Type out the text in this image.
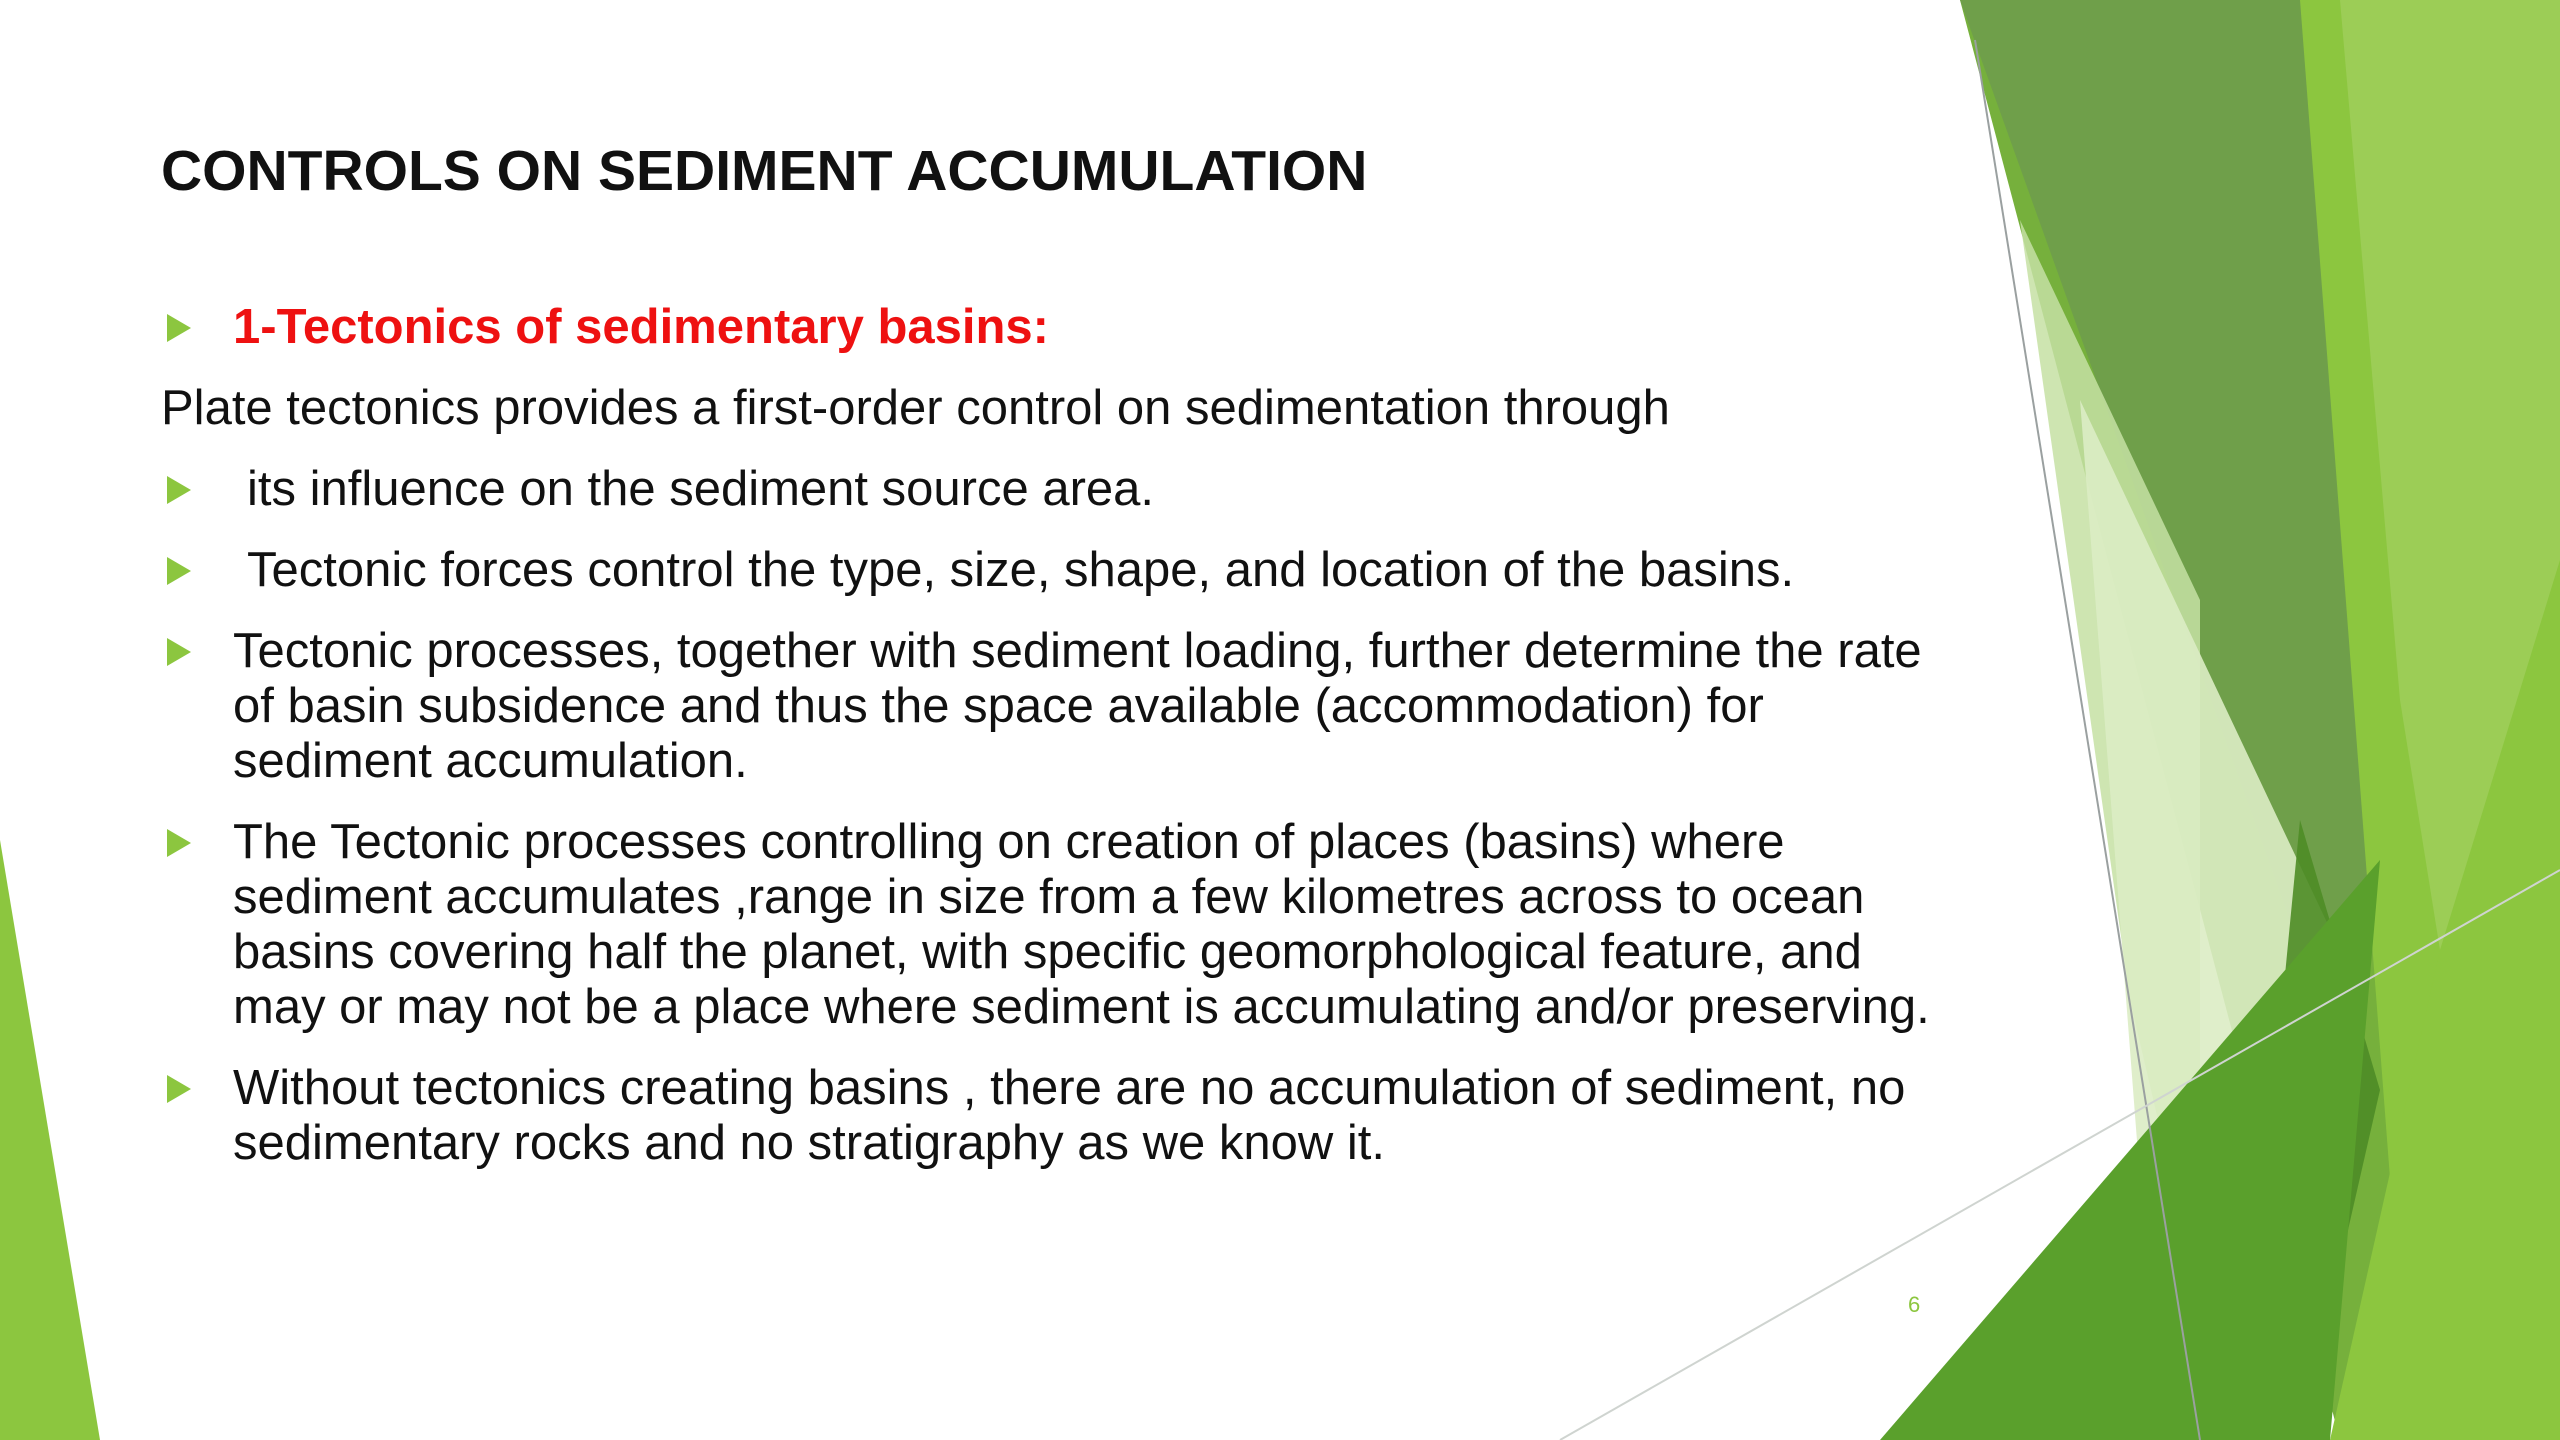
CONTROLS ON SEDIMENT ACCUMULATION
1-Tectonics of sedimentary basins:
Plate tectonics provides a first-order control on sedimentation through
its influence on the sediment source area.
Tectonic forces control the type, size, shape, and location of the basins.
Tectonic processes, together with sediment loading, further determine the rate of basin subsidence and thus the space available (accommodation) for sediment accumulation.
The Tectonic processes controlling on creation of places (basins) where sediment accumulates ,range in size from a few kilometres across to ocean basins covering half the planet, with specific geomorphological feature, and may or may not be a place where sediment is accumulating and/or preserving.
Without tectonics creating basins , there are no accumulation of sediment, no sedimentary rocks and no stratigraphy as we know it.
6
